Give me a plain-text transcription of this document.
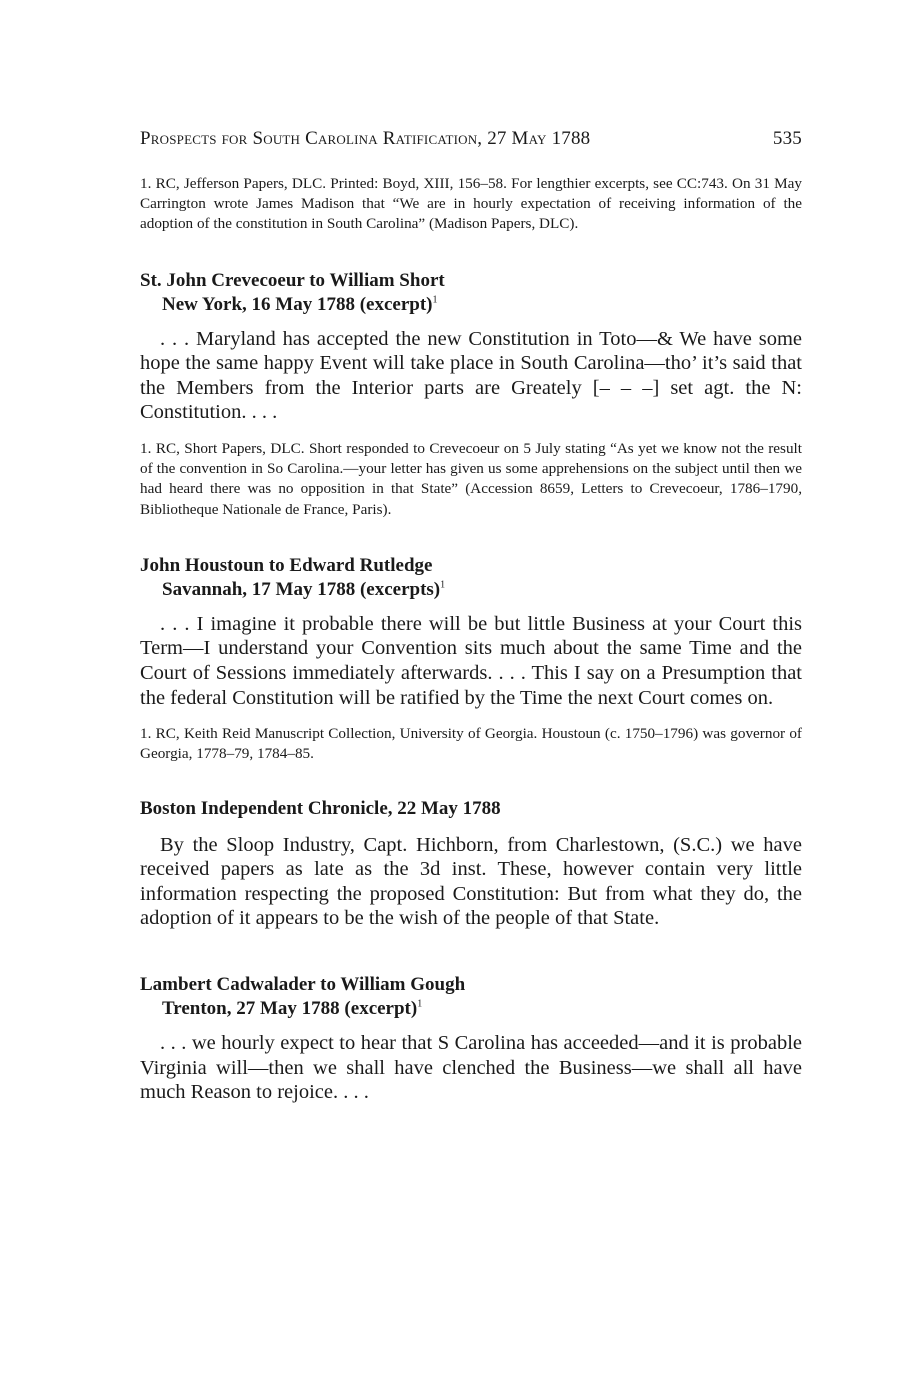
Prospects for South Carolina Ratification, 27 May 1788	535

1. RC, Jefferson Papers, DLC. Printed: Boyd, XIII, 156–58. For lengthier excerpts, see CC:743. On 31 May Carrington wrote James Madison that “We are in hourly expectation of receiving information of the adoption of the constitution in South Carolina” (Madison Papers, DLC).

St. John Crevecoeur to William Short
New York, 16 May 1788 (excerpt)$^1$

. . . Maryland has accepted the new Constitution in Toto—& We have some hope the same happy Event will take place in South Carolina—tho’ it’s said that the Members from the Interior parts are Greately [– – –] set agt. the N: Constitution. . . .

1. RC, Short Papers, DLC. Short responded to Crevecoeur on 5 July stating “As yet we know not the result of the convention in So Carolina.—your letter has given us some apprehensions on the subject until then we had heard there was no opposition in that State” (Accession 8659, Letters to Crevecoeur, 1786–1790, Bibliotheque Nationale de France, Paris).

John Houstoun to Edward Rutledge
Savannah, 17 May 1788 (excerpts)$^1$

. . . I imagine it probable there will be but little Business at your Court this Term—I understand your Convention sits much about the same Time and the Court of Sessions immediately afterwards. . . . This I say on a Presumption that the federal Constitution will be ratified by the Time the next Court comes on.

1. RC, Keith Reid Manuscript Collection, University of Georgia. Houstoun (c. 1750–1796) was governor of Georgia, 1778–79, 1784–85.

Boston Independent Chronicle, 22 May 1788

By the Sloop Industry, Capt. Hichborn, from Charlestown, (S.C.) we have received papers as late as the 3d inst. These, however contain very little information respecting the proposed Constitution: But from what they do, the adoption of it appears to be the wish of the people of that State.

Lambert Cadwalader to William Gough
Trenton, 27 May 1788 (excerpt)$^1$

. . . we hourly expect to hear that S Carolina has acceeded—and it is probable Virginia will—then we shall have clenched the Business—we shall all have much Reason to rejoice. . . .
